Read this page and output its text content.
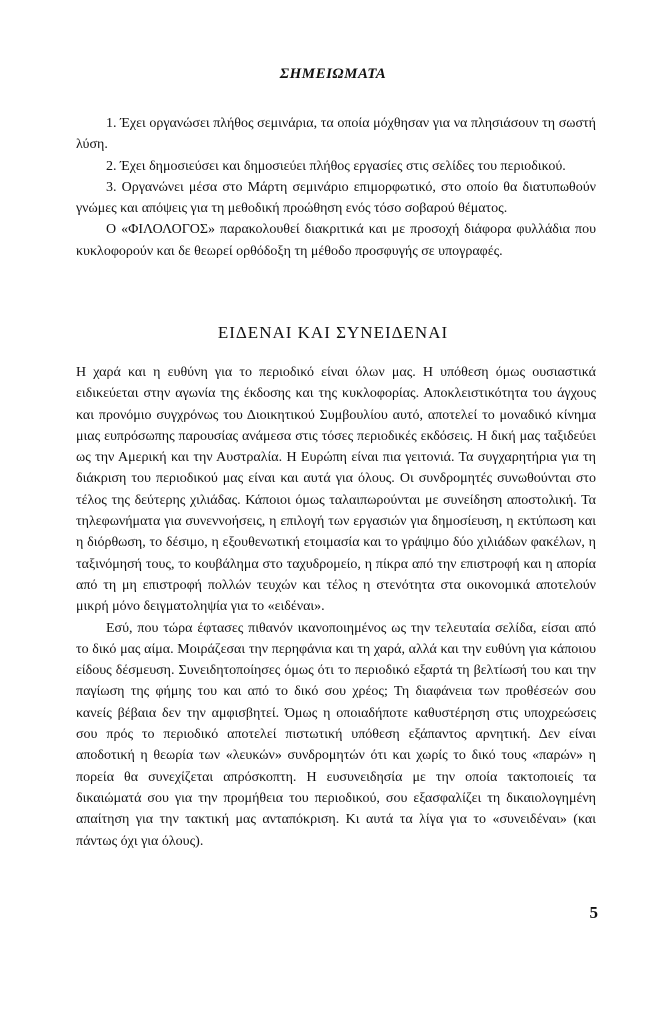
ΣΗΜΕΙΩΜΑΤΑ

1. Έχει οργανώσει πλήθος σεμινάρια, τα οποία μόχθησαν για να πλησιάσουν τη σωστή λύση.

2. Έχει δημοσιεύσει και δημοσιεύει πλήθος εργασίες στις σελίδες του περιοδικού.

3. Οργανώνει μέσα στο Μάρτη σεμινάριο επιμορφωτικό, στο οποίο θα διατυπωθούν γνώμες και απόψεις για τη μεθοδική προώθηση ενός τόσο σοβαρού θέματος.

Ο «ΦΙΛΟΛΟΓΟΣ» παρακολουθεί διακριτικά και με προσοχή διάφορα φυλλάδια που κυκλοφορούν και δε θεωρεί ορθόδοξη τη μέθοδο προσφυγής σε υπογραφές.

ΕΙΔΕΝΑΙ ΚΑΙ ΣΥΝΕΙΔΕΝΑΙ

Η χαρά και η ευθύνη για το περιοδικό είναι όλων μας. Η υπόθεση όμως ουσιαστικά ειδικεύεται στην αγωνία της έκδοσης και της κυκλοφορίας. Αποκλειστικότητα του άγχους και προνόμιο συγχρόνως του Διοικητικού Συμβουλίου αυτό, αποτελεί το μοναδικό κίνημα μιας ευπρόσωπης παρουσίας ανάμεσα στις τόσες περιοδικές εκδόσεις. Η δική μας ταξιδεύει ως την Αμερική και την Αυστραλία. Η Ευρώπη είναι πια γειτονιά. Τα συγχαρητήρια για τη διάκριση του περιοδικού μας είναι και αυτά για όλους. Οι συνδρομητές συνωθούνται στο τέλος της δεύτερης χιλιάδας. Κάποιοι όμως ταλαιπωρούνται με συνείδηση αποστολική. Τα τηλεφωνήματα για συνεννοήσεις, η επιλογή των εργασιών για δημοσίευση, η εκτύπωση και η διόρθωση, το δέσιμο, η εξουθενωτική ετοιμασία και το γράψιμο δύο χιλιάδων φακέλων, η ταξινόμησή τους, το κουβάλημα στο ταχυδρομείο, η πίκρα από την επιστροφή και η απορία από τη μη επιστροφή πολλών τευχών και τέλος η στενότητα στα οικονομικά αποτελούν μικρή μόνο δειγματοληψία για το «ειδέναι».

Εσύ, που τώρα έφτασες πιθανόν ικανοποιημένος ως την τελευταία σελίδα, είσαι από το δικό μας αίμα. Μοιράζεσαι την περηφάνια και τη χαρά, αλλά και την ευθύνη για κάποιου είδους δέσμευση. Συνειδητοποίησες όμως ότι το περιοδικό εξαρτά τη βελτίωσή του και την παγίωση της φήμης του και από το δικό σου χρέος; Τη διαφάνεια των προθέσεών σου κανείς βέβαια δεν την αμφισβητεί. Όμως η οποιαδήποτε καθυστέρηση στις υποχρεώσεις σου πρός το περιοδικό αποτελεί πιστωτική υπόθεση εξάπαντος αρνητική. Δεν είναι αποδοτική η θεωρία των «λευκών» συνδρομητών ότι και χωρίς το δικό τους «παρών» η πορεία θα συνεχίζεται απρόσκοπτη. Η ευσυνειδησία με την οποία τακτοποιείς τα δικαιώματά σου για την προμήθεια του περιοδικού, σου εξασφαλίζει τη δικαιολογημένη απαίτηση για την τακτική μας ανταπόκριση. Κι αυτά τα λίγα για το «συνειδέναι» (και πάντως όχι για όλους).

5
